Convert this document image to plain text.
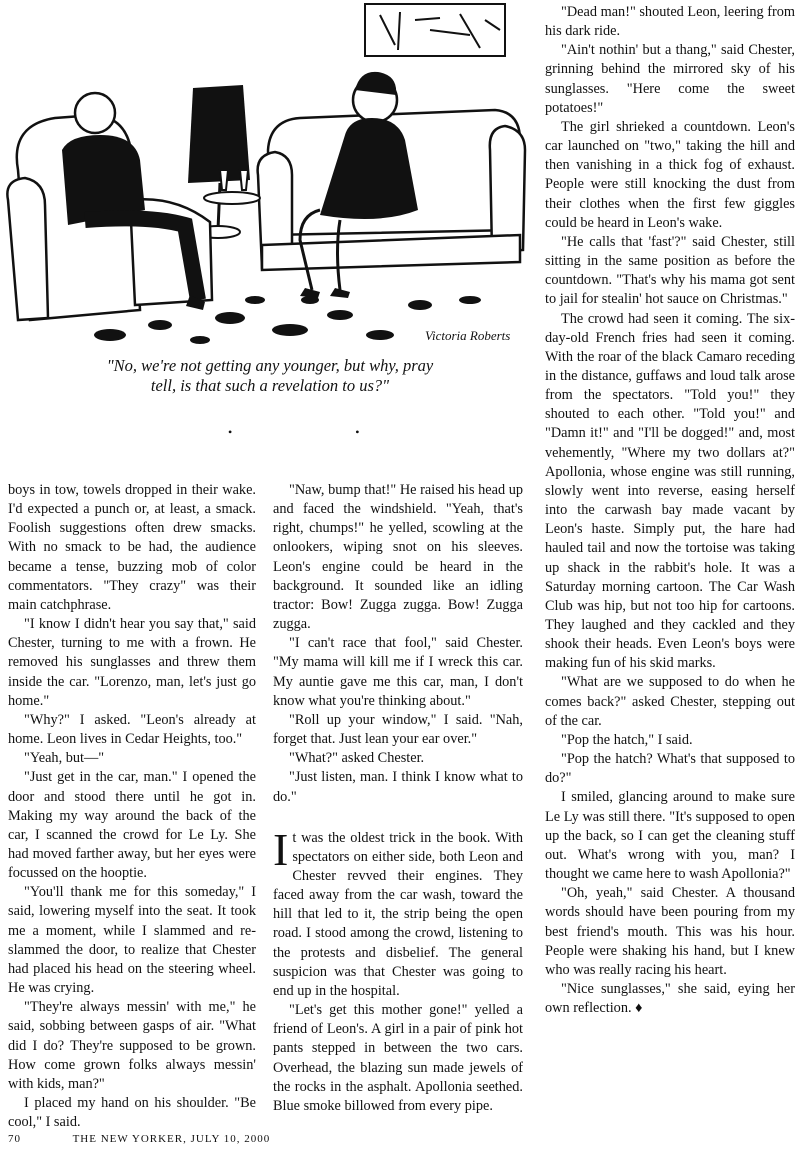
Victoria Roberts
"No, we're not getting any younger, but why, pray
tell, is that such a revelation to us?"
• •

boys in tow, towels dropped in their wake. I'd expected a punch or, at least, a smack. Foolish suggestions often drew smacks. With no smack to be had, the audience became a tense, buzzing mob of color commentators. "They crazy" was their main catchphrase.

"I know I didn't hear you say that," said Chester, turning to me with a frown. He removed his sunglasses and threw them inside the car. "Lorenzo, man, let's just go home."

"Why?" I asked. "Leon's already at home. Leon lives in Cedar Heights, too."

"Yeah, but—"

"Just get in the car, man." I opened the door and stood there until he got in. Making my way around the back of the car, I scanned the crowd for Le Ly. She had moved farther away, but her eyes were focussed on the hooptie.

"You'll thank me for this someday," I said, lowering myself into the seat. It took me a moment, while I slammed and re-slammed the door, to realize that Chester had placed his head on the steering wheel. He was crying.

"They're always messin' with me," he said, sobbing between gasps of air. "What did I do? They're supposed to be grown. How come grown folks always messin' with kids, man?"

I placed my hand on his shoulder. "Be cool," I said.

"Naw, bump that!" He raised his head up and faced the windshield. "Yeah, that's right, chumps!" he yelled, scowling at the onlookers, wiping snot on his sleeves. Leon's engine could be heard in the background. It sounded like an idling tractor: Bow! Zugga zugga. Bow! Zugga zugga.

"I can't race that fool," said Chester. "My mama will kill me if I wreck this car. My auntie gave me this car, man, I don't know what you're thinking about."

"Roll up your window," I said. "Nah, forget that. Just lean your ear over."

"What?" asked Chester.

"Just listen, man. I think I know what to do."

It was the oldest trick in the book. With spectators on either side, both Leon and Chester revved their engines. They faced away from the car wash, toward the hill that led to it, the strip being the open road. I stood among the crowd, listening to the protests and disbelief. The general suspicion was that Chester was going to end up in the hospital.

"Let's get this mother gone!" yelled a friend of Leon's. A girl in a pair of pink hot pants stepped in between the two cars. Overhead, the blazing sun made jewels of the rocks in the asphalt. Apollonia seethed. Blue smoke billowed from every pipe.

"Dead man!" shouted Leon, leering from his dark ride.

"Ain't nothin' but a thang," said Chester, grinning behind the mirrored sky of his sunglasses. "Here come the sweet potatoes!"

The girl shrieked a countdown. Leon's car launched on "two," taking the hill and then vanishing in a thick fog of exhaust. People were still knocking the dust from their clothes when the first few giggles could be heard in Leon's wake.

"He calls that 'fast'?" said Chester, still sitting in the same position as before the countdown. "That's why his mama got sent to jail for stealin' hot sauce on Christmas."

The crowd had seen it coming. The six-day-old French fries had seen it coming. With the roar of the black Camaro receding in the distance, guffaws and loud talk arose from the spectators. "Told you!" they shouted to each other. "Told you!" and "Damn it!" and "I'll be dogged!" and, most vehemently, "Where my two dollars at?" Apollonia, whose engine was still running, slowly went into reverse, easing herself into the carwash bay made vacant by Leon's haste. Simply put, the hare had hauled tail and now the tortoise was taking up shack in the rabbit's hole. It was a Saturday morning cartoon. The Car Wash Club was hip, but not too hip for cartoons. They laughed and they cackled and they shook their heads. Even Leon's boys were making fun of his skid marks.

"What are we supposed to do when he comes back?" asked Chester, stepping out of the car.

"Pop the hatch," I said.

"Pop the hatch? What's that supposed to do?"

I smiled, glancing around to make sure Le Ly was still there. "It's supposed to open up the back, so I can get the cleaning stuff out. What's wrong with you, man? I thought we came here to wash Apollonia?"

"Oh, yeah," said Chester. A thousand words should have been pouring from my best friend's mouth. This was his hour. People were shaking his hand, but I knew who was really racing his heart.

"Nice sunglasses," she said, eying her own reflection. ♦

70	THE NEW YORKER, JULY 10, 2000
